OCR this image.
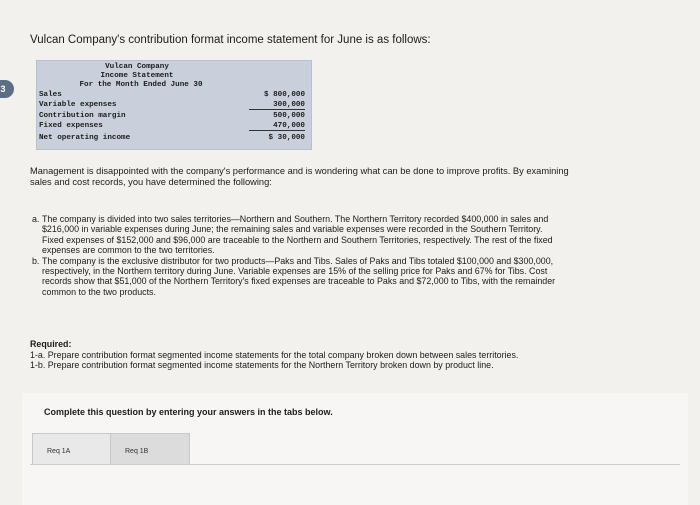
3
Vulcan Company's contribution format income statement for June is as follows:
Vulcan Company
Income Statement
For the Month Ended June 30
Sales	$ 800,000
Variable expenses	300,000
Contribution margin	500,000
Fixed expenses	470,000
Net operating income	$ 30,000
Management is disappointed with the company's performance and is wondering what can be done to improve profits. By examining
sales and cost records, you have determined the following:
a. The company is divided into two sales territories—Northern and Southern. The Northern Territory recorded $400,000 in sales and
$216,000 in variable expenses during June; the remaining sales and variable expenses were recorded in the Southern Territory.
Fixed expenses of $152,000 and $96,000 are traceable to the Northern and Southern Territories, respectively. The rest of the fixed
expenses are common to the two territories.
b. The company is the exclusive distributor for two products—Paks and Tibs. Sales of Paks and Tibs totaled $100,000 and $300,000,
respectively, in the Northern territory during June. Variable expenses are 15% of the selling price for Paks and 67% for Tibs. Cost
records show that $51,000 of the Northern Territory's fixed expenses are traceable to Paks and $72,000 to Tibs, with the remainder
common to the two products.
Required:
1-a. Prepare contribution format segmented income statements for the total company broken down between sales territories.
1-b. Prepare contribution format segmented income statements for the Northern Territory broken down by product line.
Complete this question by entering your answers in the tabs below.
Req 1A	Req 1B
